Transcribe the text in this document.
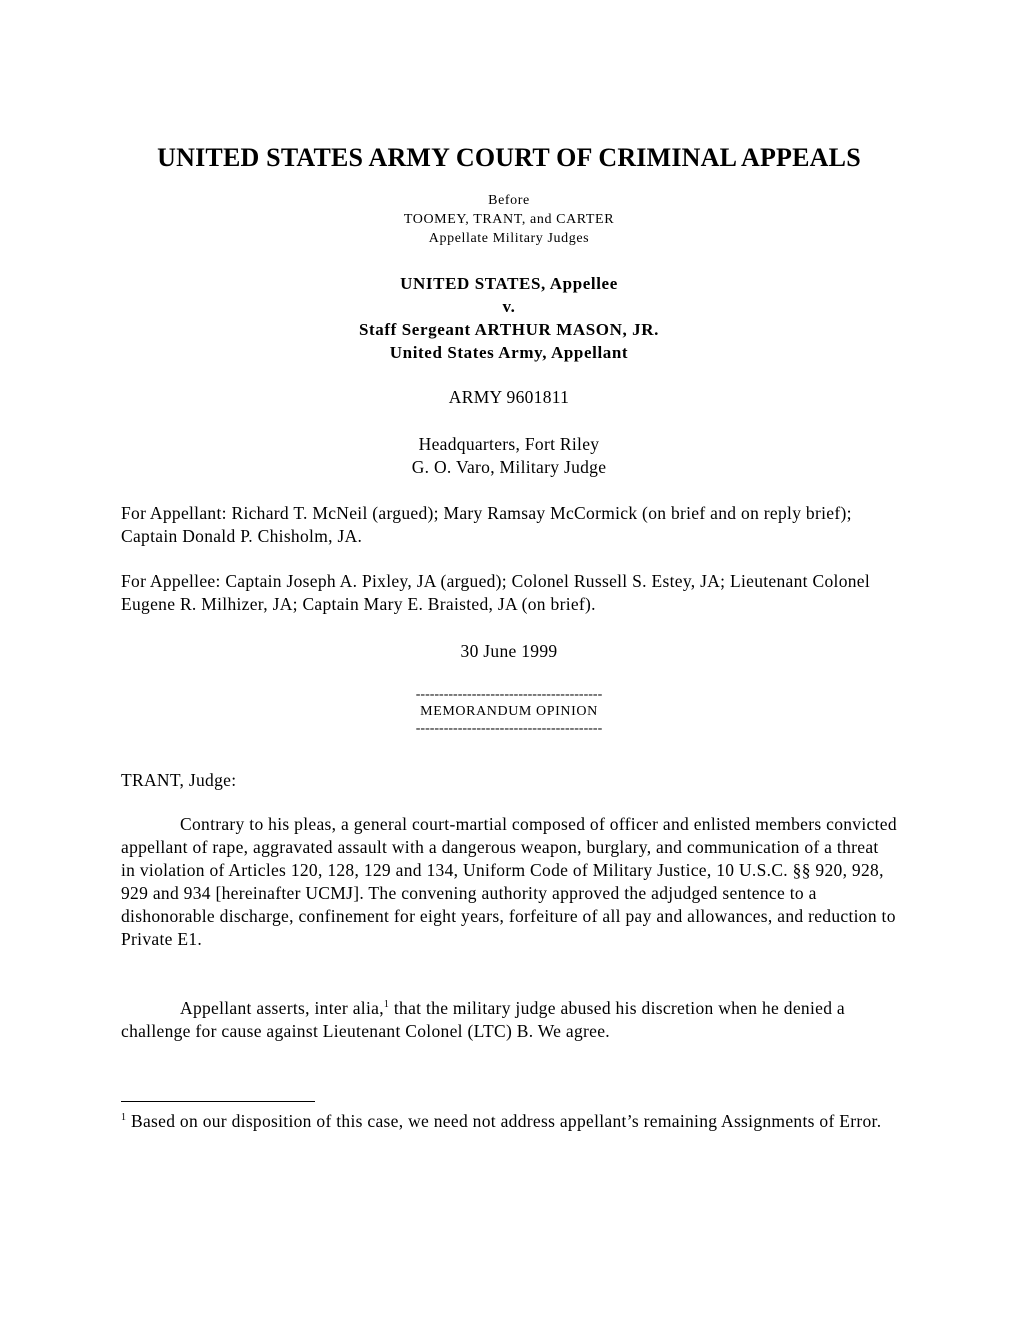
UNITED STATES ARMY COURT OF CRIMINAL APPEALS
Before
TOOMEY, TRANT, and CARTER
Appellate Military Judges
UNITED STATES, Appellee
v.
Staff Sergeant ARTHUR MASON, JR.
United States Army, Appellant
ARMY 9601811
Headquarters, Fort Riley
G. O. Varo, Military Judge

For Appellant: Richard T. McNeil (argued); Mary Ramsay McCormick (on brief and on reply brief); Captain Donald P. Chisholm, JA.

For Appellee: Captain Joseph A. Pixley, JA (argued); Colonel Russell S. Estey, JA; Lieutenant Colonel Eugene R. Milhizer, JA; Captain Mary E. Braisted, JA (on brief).

30 June 1999
----------------------------------------
MEMORANDUM OPINION
----------------------------------------
TRANT, Judge:

Contrary to his pleas, a general court-martial composed of officer and enlisted members convicted appellant of rape, aggravated assault with a dangerous weapon, burglary, and communication of a threat in violation of Articles 120, 128, 129 and 134, Uniform Code of Military Justice, 10 U.S.C. §§ 920, 928, 929 and 934 [hereinafter UCMJ]. The convening authority approved the adjudged sentence to a dishonorable discharge, confinement for eight years, forfeiture of all pay and allowances, and reduction to Private E1.

Appellant asserts, inter alia,$^1$ that the military judge abused his discretion when he denied a challenge for cause against Lieutenant Colonel (LTC) B. We agree.

$^1$ Based on our disposition of this case, we need not address appellant’s remaining Assignments of Error.
